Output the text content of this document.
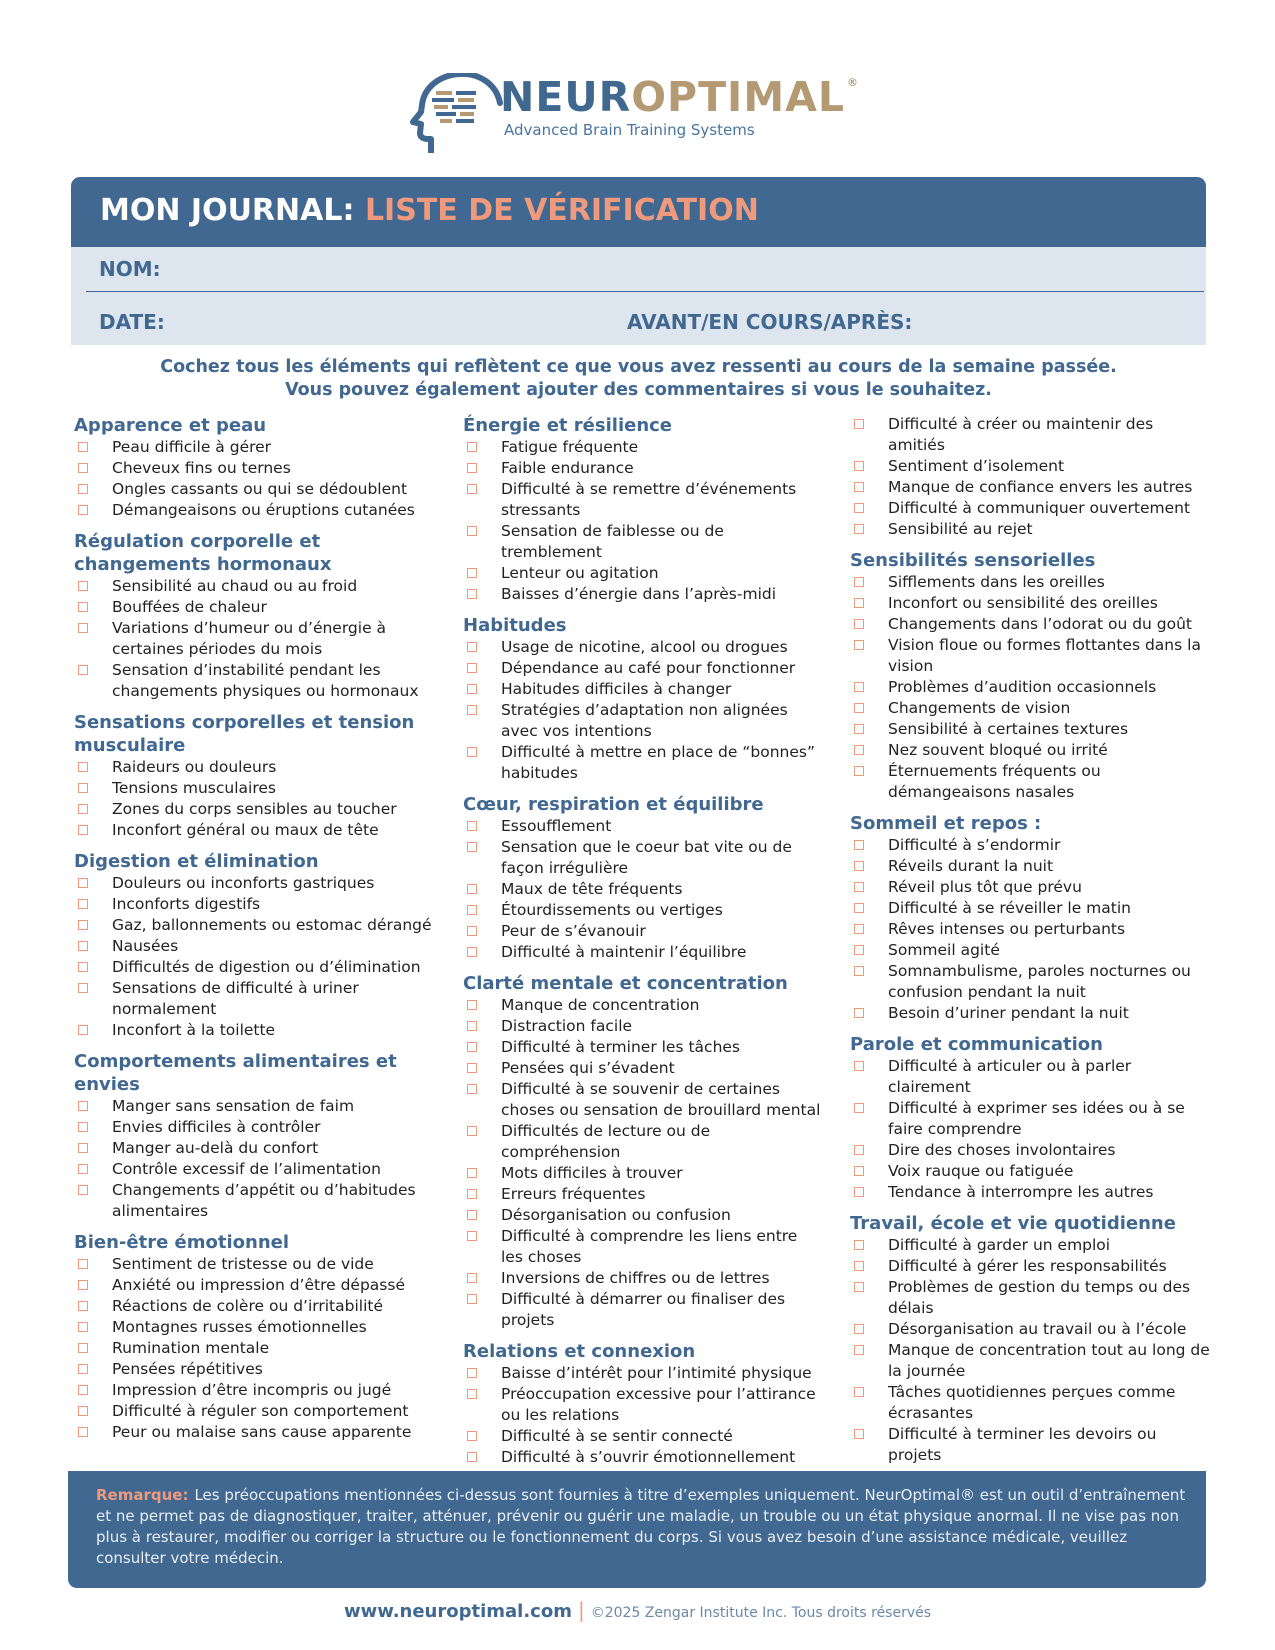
NEUROPTIMAL ®
Advanced Brain Training Systems
MON JOURNAL: LISTE DE VÉRIFICATION
NOM:
DATE:	AVANT/EN COURS/APRÈS:
Cochez tous les éléments qui reflètent ce que vous avez ressenti au cours de la semaine passée.
Vous pouvez également ajouter des commentaires si vous le souhaitez.
Apparence et peau
Peau difficile à gérer
Cheveux fins ou ternes
Ongles cassants ou qui se dédoublent
Démangeaisons ou éruptions cutanées
Régulation corporelle et changements hormonaux
Sensibilité au chaud ou au froid
Bouffées de chaleur
Variations d’humeur ou d’énergie à certaines périodes du mois
Sensation d’instabilité pendant les changements physiques ou hormonaux
Sensations corporelles et tension musculaire
Raideurs ou douleurs
Tensions musculaires
Zones du corps sensibles au toucher
Inconfort général ou maux de tête
Digestion et élimination
Douleurs ou inconforts gastriques
Inconforts digestifs
Gaz, ballonnements ou estomac dérangé
Nausées
Difficultés de digestion ou d’élimination
Sensations de difficulté à uriner normalement
Inconfort à la toilette
Comportements alimentaires et envies
Manger sans sensation de faim
Envies difficiles à contrôler
Manger au-delà du confort
Contrôle excessif de l’alimentation
Changements d’appétit ou d’habitudes alimentaires
Bien-être émotionnel
Sentiment de tristesse ou de vide
Anxiété ou impression d’être dépassé
Réactions de colère ou d’irritabilité
Montagnes russes émotionnelles
Rumination mentale
Pensées répétitives
Impression d’être incompris ou jugé
Difficulté à réguler son comportement
Peur ou malaise sans cause apparente
Énergie et résilience
Fatigue fréquente
Faible endurance
Difficulté à se remettre d’événements stressants
Sensation de faiblesse ou de tremblement
Lenteur ou agitation
Baisses d’énergie dans l’après-midi
Habitudes
Usage de nicotine, alcool ou drogues
Dépendance au café pour fonctionner
Habitudes difficiles à changer
Stratégies d’adaptation non alignées avec vos intentions
Difficulté à mettre en place de “bonnes” habitudes
Cœur, respiration et équilibre
Essoufflement
Sensation que le coeur bat vite ou de façon irrégulière
Maux de tête fréquents
Étourdissements ou vertiges
Peur de s’évanouir
Difficulté à maintenir l’équilibre
Clarté mentale et concentration
Manque de concentration
Distraction facile
Difficulté à terminer les tâches
Pensées qui s’évadent
Difficulté à se souvenir de certaines choses ou sensation de brouillard mental
Difficultés de lecture ou de compréhension
Mots difficiles à trouver
Erreurs fréquentes
Désorganisation ou confusion
Difficulté à comprendre les liens entre les choses
Inversions de chiffres ou de lettres
Difficulté à démarrer ou finaliser des projets
Relations et connexion
Baisse d’intérêt pour l’intimité physique
Préoccupation excessive pour l’attirance ou les relations
Difficulté à se sentir connecté
Difficulté à s’ouvrir émotionnellement
Difficulté à créer ou maintenir des amitiés
Sentiment d’isolement
Manque de confiance envers les autres
Difficulté à communiquer ouvertement
Sensibilité au rejet
Sensibilités sensorielles
Sifflements dans les oreilles
Inconfort ou sensibilité des oreilles
Changements dans l’odorat ou du goût
Vision floue ou formes flottantes dans la vision
Problèmes d’audition occasionnels
Changements de vision
Sensibilité à certaines textures
Nez souvent bloqué ou irrité
Éternuements fréquents ou démangeaisons nasales
Sommeil et repos :
Difficulté à s’endormir
Réveils durant la nuit
Réveil plus tôt que prévu
Difficulté à se réveiller le matin
Rêves intenses ou perturbants
Sommeil agité
Somnambulisme, paroles nocturnes ou confusion pendant la nuit
Besoin d’uriner pendant la nuit
Parole et communication
Difficulté à articuler ou à parler clairement
Difficulté à exprimer ses idées ou à se faire comprendre
Dire des choses involontaires
Voix rauque ou fatiguée
Tendance à interrompre les autres
Travail, école et vie quotidienne
Difficulté à garder un emploi
Difficulté à gérer les responsabilités
Problèmes de gestion du temps ou des délais
Désorganisation au travail ou à l’école
Manque de concentration tout au long de la journée
Tâches quotidiennes perçues comme écrasantes
Difficulté à terminer les devoirs ou projets
Remarque: Les préoccupations mentionnées ci-dessus sont fournies à titre d’exemples uniquement. NeurOptimal® est un outil d’entraînement et ne permet pas de diagnostiquer, traiter, atténuer, prévenir ou guérir une maladie, un trouble ou un état physique anormal. Il ne vise pas non plus à restaurer, modifier ou corriger la structure ou le fonctionnement du corps. Si vous avez besoin d’une assistance médicale, veuillez consulter votre médecin.
www.neuroptimal.com | ©2025 Zengar Institute Inc. Tous droits réservés
